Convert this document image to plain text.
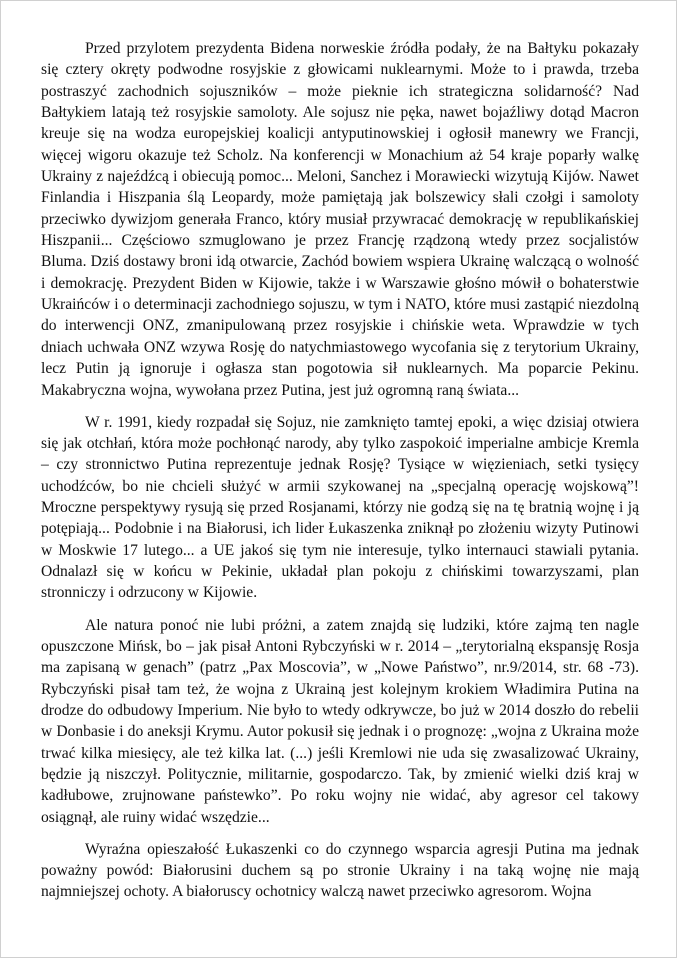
Przed przylotem prezydenta Bidena norweskie źródła podały, że na Bałtyku pokazały się cztery okręty podwodne rosyjskie z głowicami nuklearnymi. Może to i prawda, trzeba postraszyć zachodnich sojuszników – może pieknie ich strategiczna solidarność? Nad Bałtykiem latają też rosyjskie samoloty. Ale sojusz nie pęka, nawet bojaźliwy dotąd Macron kreuje się na wodza europejskiej koalicji antyputinowskiej i ogłosił manewry we Francji, więcej wigoru okazuje też Scholz. Na konferencji w Monachium aż 54 kraje poparły walkę Ukrainy z najeźdźcą i obiecują pomoc... Meloni, Sanchez i Morawiecki wizytują Kijów. Nawet Finlandia i Hiszpania ślą Leopardy, może pamiętają jak bolszewicy słali czołgi i samoloty przeciwko dywizjom generała Franco, który musiał przywracać demokrację w republikańskiej Hiszpanii... Częściowo szmuglowano je przez Francję rządzoną wtedy przez socjalistów Bluma. Dziś dostawy broni idą otwarcie, Zachód bowiem wspiera Ukrainę walczącą o wolność i demokrację. Prezydent Biden w Kijowie, także i w Warszawie głośno mówił o bohaterstwie Ukraińców i o determinacji zachodniego sojuszu, w tym i NATO, które musi zastąpić niezdolną do interwencji ONZ, zmanipulowaną przez rosyjskie i chińskie weta. Wprawdzie w tych dniach uchwała ONZ wzywa Rosję do natychmiastowego wycofania się z terytorium Ukrainy, lecz Putin ją ignoruje i ogłasza stan pogotowia sił nuklearnych. Ma poparcie Pekinu. Makabryczna wojna, wywołana przez Putina, jest już ogromną raną świata...

W r. 1991, kiedy rozpadał się Sojuz, nie zamknięto tamtej epoki, a więc dzisiaj otwiera się jak otchłań, która może pochłonąć narody, aby tylko zaspokoić imperialne ambicje Kremla – czy stronnictwo Putina reprezentuje jednak Rosję? Tysiące w więzieniach, setki tysięcy uchodźców, bo nie chcieli służyć w armii szykowanej na „specjalną operację wojskową”! Mroczne perspektywy rysują się przed Rosjanami, którzy nie godzą się na tę bratnią wojnę i ją potępiają... Podobnie i na Białorusi, ich lider Łukaszenka zniknął po złożeniu wizyty Putinowi w Moskwie 17 lutego... a UE jakoś się tym nie interesuje, tylko internauci stawiali pytania. Odnalazł się w końcu w Pekinie, układał plan pokoju z chińskimi towarzyszami, plan stronniczy i odrzucony w Kijowie.

Ale natura ponoć nie lubi próżni, a zatem znajdą się ludziki, które zajmą ten nagle opuszczone Mińsk, bo – jak pisał Antoni Rybczyński w r. 2014 – „terytorialną ekspansję Rosja ma zapisaną w genach” (patrz „Pax Moscovia”, w „Nowe Państwo”, nr.9/2014, str. 68 -73). Rybczyński pisał tam też, że wojna z Ukrainą jest kolejnym krokiem Władimira Putina na drodze do odbudowy Imperium. Nie było to wtedy odkrywcze, bo już w 2014 doszło do rebelii w Donbasie i do aneksji Krymu. Autor pokusił się jednak i o prognozę: „wojna z Ukraina może trwać kilka miesięcy, ale też kilka lat. (...) jeśli Kremlowi nie uda się zwasalizować Ukrainy, będzie ją niszczył. Politycznie, militarnie, gospodarczo. Tak, by zmienić wielki dziś kraj w kadłubowe, zrujnowane państewko”. Po roku wojny nie widać, aby agresor cel takowy osiągnął, ale ruiny widać wszędzie...

Wyraźna opieszałość Łukaszenki co do czynnego wsparcia agresji Putina ma jednak poważny powód: Białorusini duchem są po stronie Ukrainy i na taką wojnę nie mają najmniejszej ochoty. A białoruscy ochotnicy walczą nawet przeciwko agresorom. Wojna
